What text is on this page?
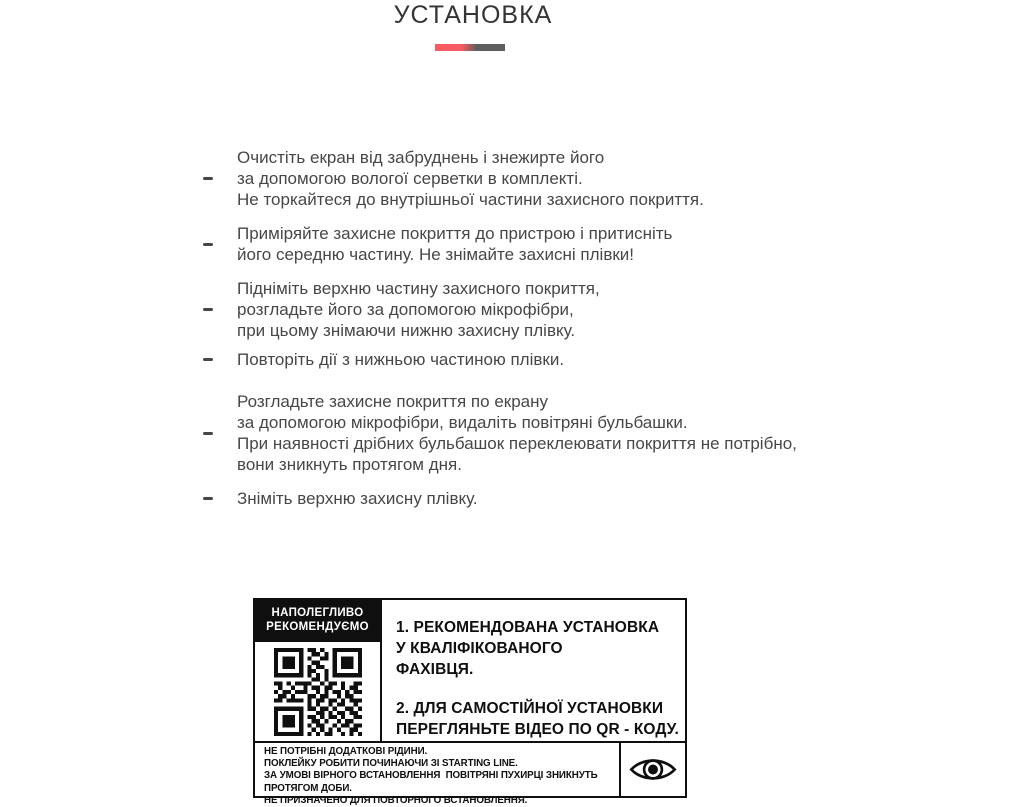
УСТАНОВКА
Очистіть екран від забруднень і знежирте його
за допомогою вологої серветки в комплекті.
Не торкайтеся до внутрішньої частини захисного покриття.
Приміряйте захисне покриття до пристрою і притисніть
його середню частину. Не знімайте захисні плівки!
Підніміть верхню частину захисного покриття,
розгладьте його за допомогою мікрофібри,
при цьому знімаючи нижню захисну плівку.
Повторіть дії з нижньою частиною плівки.
Розгладьте захисне покриття по екрану
за допомогою мікрофібри, видаліть повітряні бульбашки.
При наявності дрібних бульбашок переклеювати покриття не потрібно,
вони зникнуть протягом дня.
Зніміть верхню захисну плівку.
НАПОЛЕГЛИВО
РЕКОМЕНДУЄМО	1. РЕКОМЕНДОВАНА УСТАНОВКА
У КВАЛІФІКОВАНОГО
ФАХІВЦЯ.
2. ДЛЯ САМОСТІЙНОЇ УСТАНОВКИ
ПЕРЕГЛЯНЬТЕ ВІДЕО ПО QR - КОДУ.
НЕ ПОТРІБНІ ДОДАТКОВІ РІДИНИ.
ПОКЛЕЙКУ РОБИТИ ПОЧИНАЮЧИ ЗІ STARTING LINE.
ЗА УМОВІ ВІРНОГО ВСТАНОВЛЕННЯ  ПОВІТРЯНІ ПУХИРЦІ ЗНИКНУТЬ  ПРОТЯГОМ ДОБИ.
НЕ ПРИЗНАЧЕНО ДЛЯ ПОВТОРНОГО ВСТАНОВЛЕННЯ.
